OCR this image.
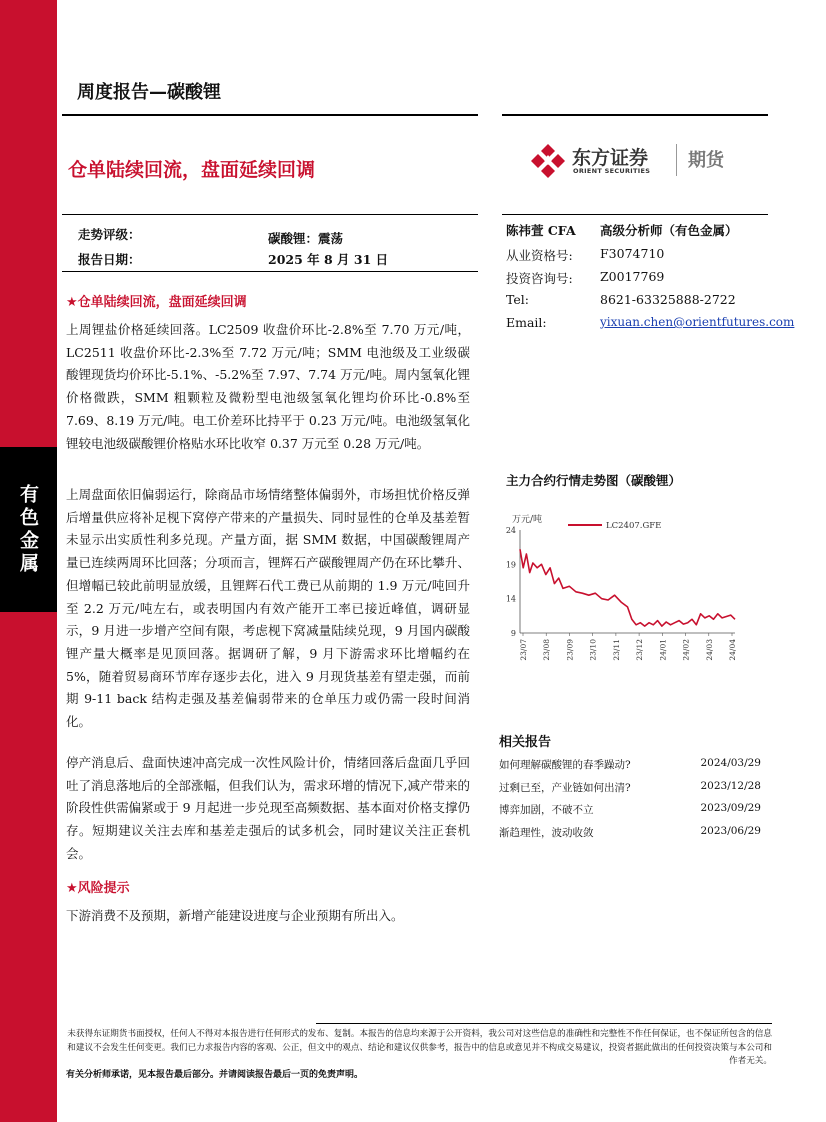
有色金属
周度报告—碳酸锂
仓单陆续回流，盘面延续回调
东方证券
ORIENT SECURITIES 期货
走势评级：	碳酸锂：震荡
报告日期：	2025 年 8 月 31 日
陈祎萱 CFA 高级分析师（有色金属）
从业资格号: F3074710
投资咨询号: Z0017769
Tel:	8621-63325888-2722
Email:	yixuan.chen@orientfutures.com
★仓单陆续回流，盘面延续回调
上周锂盐价格延续回落。LC2509 收盘价环比-2.8%至 7.70 万元/吨，LC2511 收盘价环比-2.3%至 7.72 万元/吨；SMM 电池级及工业级碳酸锂现货均价环比-5.1%、-5.2%至 7.97、7.74 万元/吨。周内氢氧化锂价格微跌，SMM 粗颗粒及微粉型电池级氢氧化锂均价环比-0.8%至 7.69、8.19 万元/吨。电工价差环比持平于 0.23 万元/吨。电池级氢氧化锂较电池级碳酸锂价格贴水环比收窄 0.37 万元至 0.28 万元/吨。
上周盘面依旧偏弱运行，除商品市场情绪整体偏弱外，市场担忧价格反弹后增量供应将补足枧下窝停产带来的产量损失、同时显性的仓单及基差暂未显示出实质性利多兑现。产量方面，据 SMM 数据，中国碳酸锂周产量已连续两周环比回落；分项而言，锂辉石产碳酸锂周产仍在环比攀升、但增幅已较此前明显放缓，且锂辉石代工费已从前期的 1.9 万元/吨回升至 2.2 万元/吨左右，或表明国内有效产能开工率已接近峰值，调研显示，9 月进一步增产空间有限，考虑枧下窝减量陆续兑现，9 月国内碳酸锂产量大概率是见顶回落。据调研了解，9 月下游需求环比增幅约在 5%，随着贸易商环节库存逐步去化，进入 9 月现货基差有望走强，而前期 9-11 back 结构走强及基差偏弱带来的仓单压力或仍需一段时间消化。
停产消息后、盘面快速冲高完成一次性风险计价，情绪回落后盘面几乎回吐了消息落地后的全部涨幅，但我们认为，需求环增的情况下,减产带来的阶段性供需偏紧或于 9 月起进一步兑现至高频数据、基本面对价格支撑仍存。短期建议关注去库和基差走强后的试多机会，同时建议关注正套机会。
★风险提示
下游消费不及预期，新增产能建设进度与企业预期有所出入。
主力合约行情走势图（碳酸锂）
万元/吨
LC2407.GFE
9
14
19
24
23/07 23/08 23/09 23/10 23/11 23/12 24/01 24/02 24/03 24/04
相关报告
如何理解碳酸锂的春季躁动?	2024/03/29
过剩已至，产业链如何出清?	2023/12/28
博弈加剧，不破不立	2023/09/29
渐趋理性，波动收敛	2023/06/29
未获得东证期货书面授权，任何人不得对本报告进行任何形式的发布、复制。本报告的信息均来源于公开资料，我公司对这些信息的准确性和完整性不作任何保证，也不保证所包含的信息和建议不会发生任何变更。我们已力求报告内容的客观、公正，但文中的观点、结论和建议仅供参考，报告中的信息或意见并不构成交易建议，投资者据此做出的任何投资决策与本公司和作者无关。
有关分析师承诺，见本报告最后部分。并请阅读报告最后一页的免责声明。
